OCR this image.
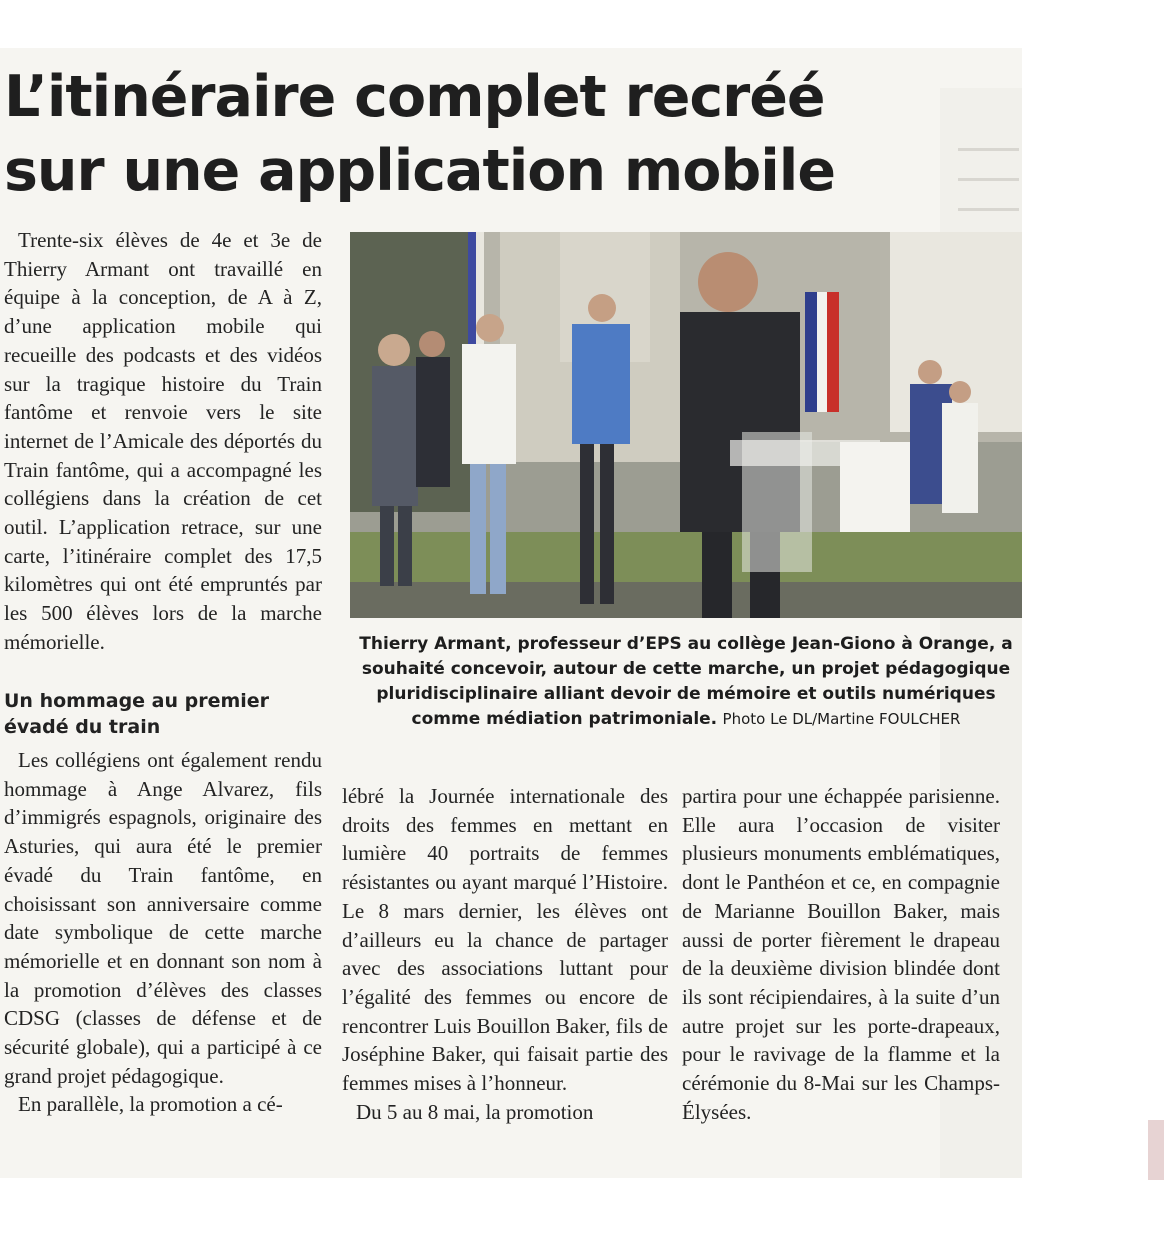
L’itinéraire complet recréé sur une application mobile

Trente-six élèves de 4e et 3e de Thierry Armant ont travaillé en équipe à la conception, de A à Z, d’une application mobile qui recueille des podcasts et des vidéos sur la tragique histoire du Train fantôme et renvoie vers le site internet de l’Amicale des déportés du Train fantôme, qui a accompagné les collégiens dans la création de cet outil. L’application retrace, sur une carte, l’itinéraire complet des 17,5 kilomètres qui ont été empruntés par les 500 élèves lors de la marche mémorielle.

Un hommage au premier évadé du train

Les collégiens ont également rendu hommage à Ange Alvarez, fils d’immigrés espagnols, originaire des Asturies, qui aura été le premier évadé du Train fantôme, en choisissant son anniversaire comme date symbolique de cette marche mémorielle et en donnant son nom à la promotion d’élèves des classes CDSG (classes de défense et de sécurité globale), qui a participé à ce grand projet pédagogique.

En parallèle, la promotion a cé-

lébré la Journée internationale des droits des femmes en mettant en lumière 40 portraits de femmes résistantes ou ayant marqué l’Histoire. Le 8 mars dernier, les élèves ont d’ailleurs eu la chance de partager avec des associations luttant pour l’égalité des femmes ou encore de rencontrer Luis Bouillon Baker, fils de Joséphine Baker, qui faisait partie des femmes mises à l’honneur.

Du 5 au 8 mai, la promotion

partira pour une échappée parisienne. Elle aura l’occasion de visiter plusieurs monuments emblématiques, dont le Panthéon et ce, en compagnie de Marianne Bouillon Baker, mais aussi de porter fièrement le drapeau de la deuxième division blindée dont ils sont récipiendaires, à la suite d’un autre projet sur les porte-drapeaux, pour le ravivage de la flamme et la cérémonie du 8-Mai sur les Champs-Élysées.

Thierry Armant, professeur d’EPS au collège Jean-Giono à Orange, a souhaité concevoir, autour de cette marche, un projet pédagogique pluridisciplinaire alliant devoir de mémoire et outils numériques comme médiation patrimoniale. Photo Le DL/Martine FOULCHER
